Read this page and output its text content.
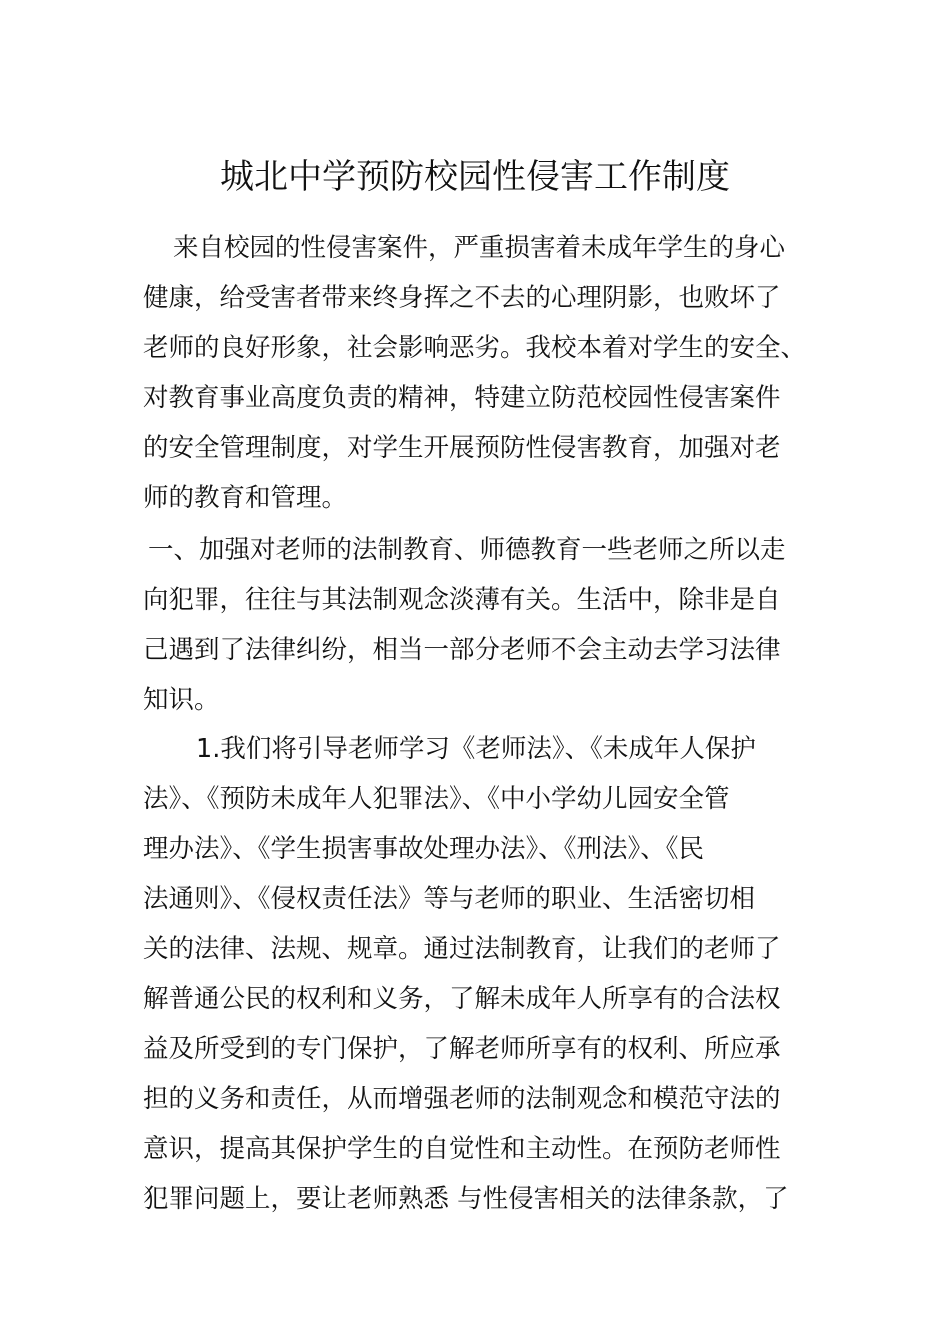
城北中学预防校园性侵害工作制度
来自校园的性侵害案件，严重损害着未成年学生的身心
健康，给受害者带来终身挥之不去的心理阴影，也败坏了
老师的良好形象，社会影响恶劣。我校本着对学生的安全、
对教育事业高度负责的精神，特建立防范校园性侵害案件
的安全管理制度，对学生开展预防性侵害教育，加强对老
师的教育和管理。
一、加强对老师的法制教育、师德教育一些老师之所以走
向犯罪，往往与其法制观念淡薄有关。生活中，除非是自
己遇到了法律纠纷，相当一部分老师不会主动去学习法律
知识。
1.我们将引导老师学习《老师法》、《未成年人保护
法》、《预防未成年人犯罪法》、《中小学幼儿园安全管
理办法》、《学生损害事故处理办法》、《刑法》、《民
法通则》、《侵权责任法》等与老师的职业、生活密切相
关的法律、法规、规章。通过法制教育，让我们的老师了
解普通公民的权利和义务，了解未成年人所享有的合法权
益及所受到的专门保护，了解老师所享有的权利、所应承
担的义务和责任，从而增强老师的法制观念和模范守法的
意识，提高其保护学生的自觉性和主动性。在预防老师性
犯罪问题上，要让老师熟悉 与性侵害相关的法律条款，了
